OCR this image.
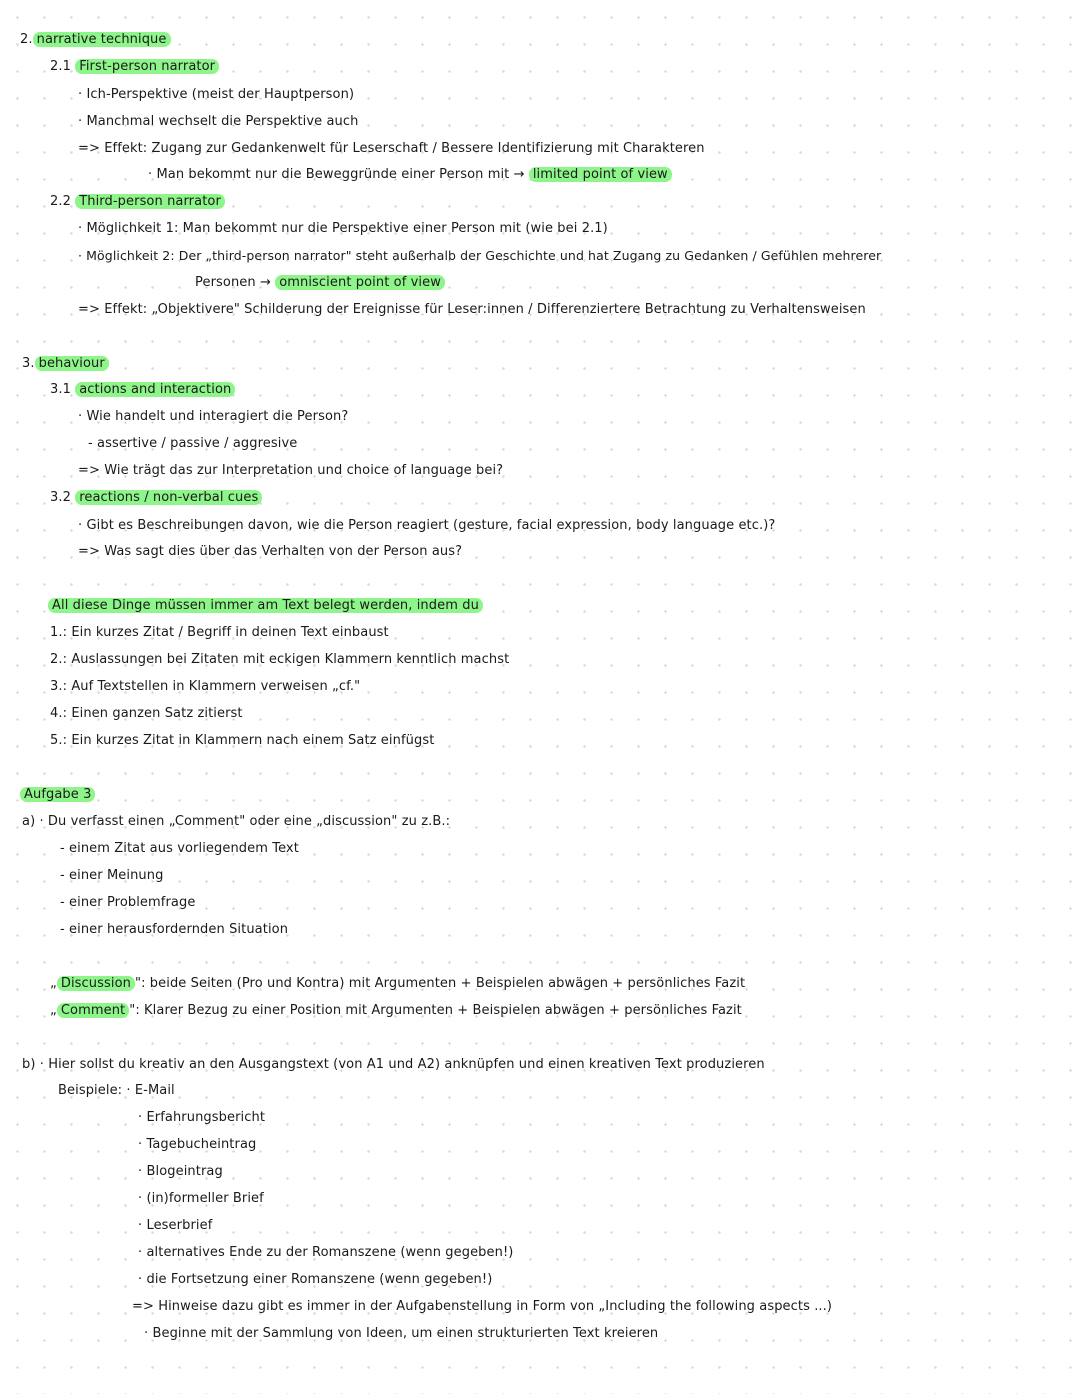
2. narrative technique
2.1 First-person narrator
· Ich-Perspektive (meist der Hauptperson)
· Manchmal wechselt die Perspektive auch
=> Effekt: Zugang zur Gedankenwelt für Leserschaft / Bessere Identifizierung mit Charakteren
· Man bekommt nur die Beweggründe einer Person mit → limited point of view
2.2 Third-person narrator
· Möglichkeit 1: Man bekommt nur die Perspektive einer Person mit (wie bei 2.1)
· Möglichkeit 2: Der „third-person narrator" steht außerhalb der Geschichte und hat Zugang zu Gedanken / Gefühlen mehrerer
Personen → omniscient point of view
=> Effekt: „Objektivere" Schilderung der Ereignisse für Leser:innen / Differenziertere Betrachtung zu Verhaltensweisen
3. behaviour
3.1 actions and interaction
· Wie handelt und interagiert die Person?
- assertive / passive / aggresive
=> Wie trägt das zur Interpretation und choice of language bei?
3.2 reactions / non-verbal cues
· Gibt es Beschreibungen davon, wie die Person reagiert (gesture, facial expression, body language etc.)?
=> Was sagt dies über das Verhalten von der Person aus?
All diese Dinge müssen immer am Text belegt werden, indem du
1.: Ein kurzes Zitat / Begriff in deinen Text einbaust
2.: Auslassungen bei Zitaten mit eckigen Klammern kenntlich machst
3.: Auf Textstellen in Klammern verweisen „cf."
4.: Einen ganzen Satz zitierst
5.: Ein kurzes Zitat in Klammern nach einem Satz einfügst
Aufgabe 3
a) · Du verfasst einen „Comment" oder eine „discussion" zu z.B.:
- einem Zitat aus vorliegendem Text
- einer Meinung
- einer Problemfrage
- einer herausfordernden Situation
„ Discussion ": beide Seiten (Pro und Kontra) mit Argumenten + Beispielen abwägen + persönliches Fazit
„ Comment ": Klarer Bezug zu einer Position mit Argumenten + Beispielen abwägen + persönliches Fazit
b) · Hier sollst du kreativ an den Ausgangstext (von A1 und A2) anknüpfen und einen kreativen Text produzieren
Beispiele: · E-Mail
· Erfahrungsbericht
· Tagebucheintrag
· Blogeintrag
· (in)formeller Brief
· Leserbrief
· alternatives Ende zu der Romanszene (wenn gegeben!)
· die Fortsetzung einer Romanszene (wenn gegeben!)
=> Hinweise dazu gibt es immer in der Aufgabenstellung in Form von „Including the following aspects ...)
· Beginne mit der Sammlung von Ideen, um einen strukturierten Text kreieren
